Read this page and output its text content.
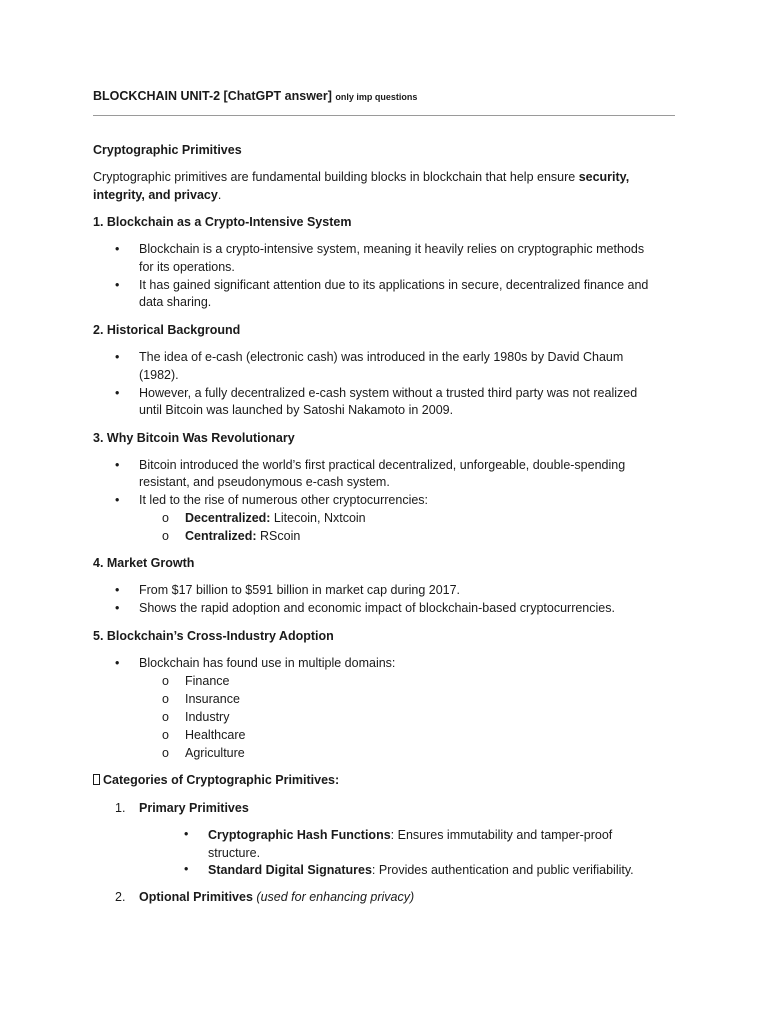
BLOCKCHAIN UNIT-2 [ChatGPT answer] only imp questions
Cryptographic Primitives
Cryptographic primitives are fundamental building blocks in blockchain that help ensure security,
integrity, and privacy.
1. Blockchain as a Crypto-Intensive System
• Blockchain is a crypto-intensive system, meaning it heavily relies on cryptographic methods
for its operations.
• It has gained significant attention due to its applications in secure, decentralized finance and
data sharing.
2. Historical Background
• The idea of e-cash (electronic cash) was introduced in the early 1980s by David Chaum
(1982).
• However, a fully decentralized e-cash system without a trusted third party was not realized
until Bitcoin was launched by Satoshi Nakamoto in 2009.
3. Why Bitcoin Was Revolutionary
• Bitcoin introduced the world’s first practical decentralized, unforgeable, double-spending
resistant, and pseudonymous e-cash system.
• It led to the rise of numerous other cryptocurrencies:
o Decentralized: Litecoin, Nxtcoin
o Centralized: RScoin
4. Market Growth
• From $17 billion to $591 billion in market cap during 2017.
• Shows the rapid adoption and economic impact of blockchain-based cryptocurrencies.
5. Blockchain’s Cross-Industry Adoption
• Blockchain has found use in multiple domains:
o Finance
o Insurance
o Industry
o Healthcare
o Agriculture
Categories of Cryptographic Primitives:
1. Primary Primitives
• Cryptographic Hash Functions: Ensures immutability and tamper-proof
structure.
• Standard Digital Signatures: Provides authentication and public verifiability.
2. Optional Primitives (used for enhancing privacy)
